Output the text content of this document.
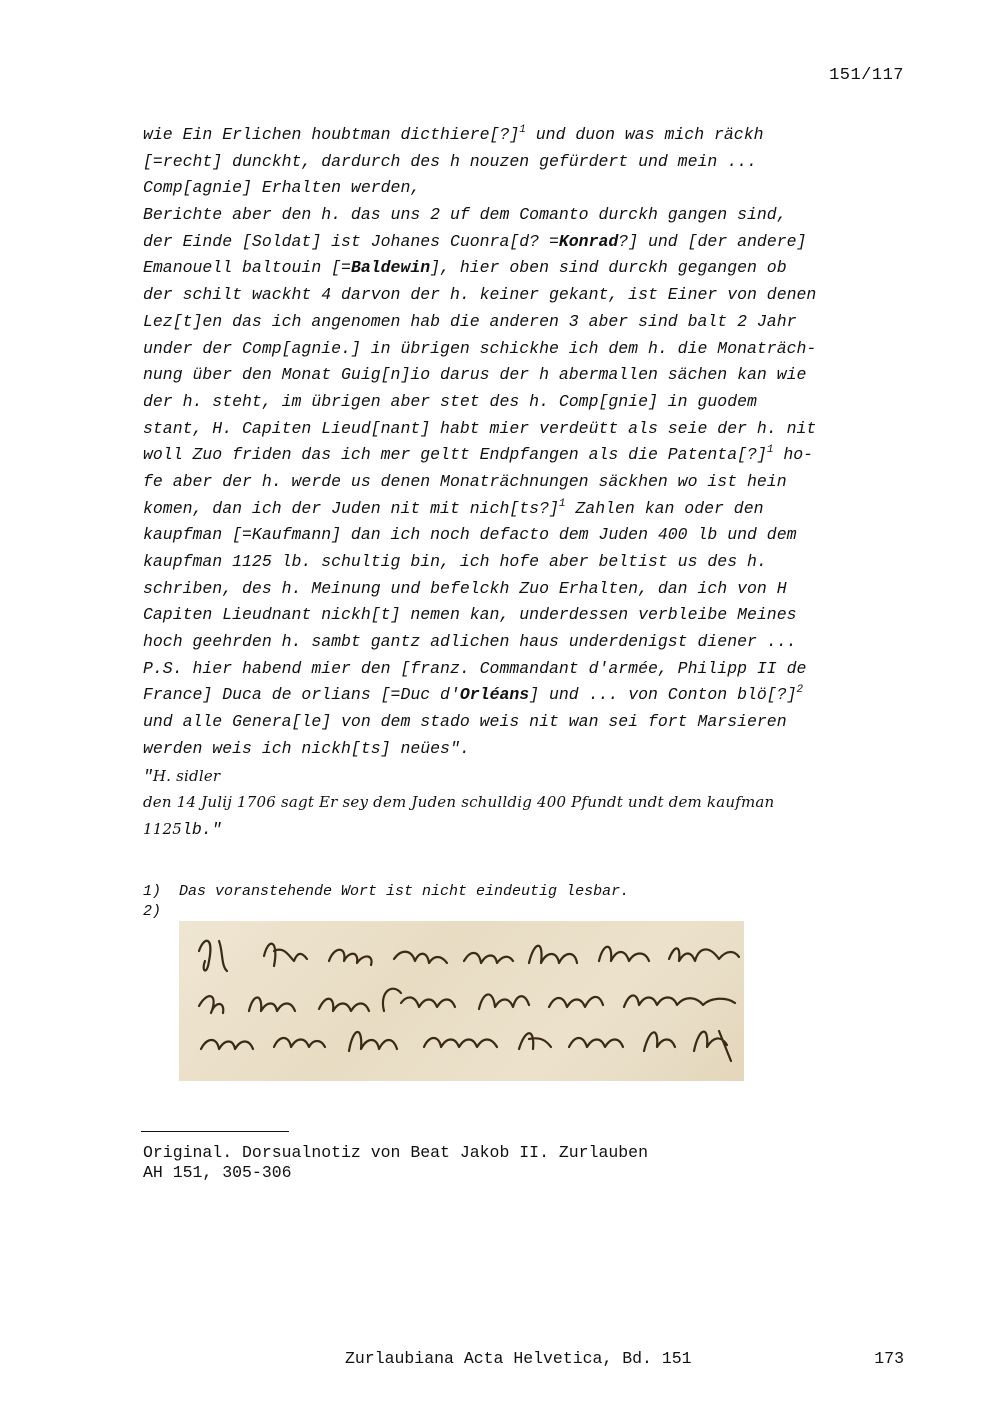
151/117
wie Ein Erlichen houbtman dicthiere[?]$^1$ und duon was mich räckh
[=recht] dunckht, dardurch des h nouzen gefürdert und mein ...
Comp[agnie] Erhalten werden,
Berichte aber den h. das uns 2 uf dem Comanto durckh gangen sind,
der Einde [Soldat] ist Johanes Cuonra[d? =Konrad?] und [der andere]
Emanouell baltouin [=Baldewin], hier oben sind durckh gegangen ob
der schilt wackht 4 darvon der h. keiner gekant, ist Einer von denen
Lez[t]en das ich angenomen hab die anderen 3 aber sind balt 2 Jahr
under der Comp[agnie.] in übrigen schickhe ich dem h. die Monaträch-
nung über den Monat Guig[n]io darus der h abermallen sächen kan wie
der h. steht, im übrigen aber stet des h. Comp[gnie] in guodem
stant, H. Capiten Lieud[nant] habt mier verdeütt als seie der h. nit
woll Zuo friden das ich mer geltt Endpfangen als die Patenta[?]$^1$ ho-
fe aber der h. werde us denen Monaträchnungen säckhen wo ist hein
komen, dan ich der Juden nit mit nich[ts?]$^1$ Zahlen kan oder den
kaupfman [=Kaufmann] dan ich noch defacto dem Juden 400 lb und dem
kaupfman 1125 lb. schultig bin, ich hofe aber beltist us des h.
schriben, des h. Meinung und befelckh Zuo Erhalten, dan ich von H
Capiten Lieudnant nickh[t] nemen kan, underdessen verbleibe Meines
hoch geehrden h. sambt gantz adlichen haus underdenigst diener ...
P.S. hier habend mier den [franz. Commandant d'armée, Philipp II de
France] Duca de orlians [=Duc d'Orléans] und ... von Conton blö[?]$^2$
und alle Genera[le] von dem stado weis nit wan sei fort Marsieren
werden weis ich nickh[ts] neües".
"H. sidler
den 14 Julij 1706 sagt Er sey dem Juden schulldig 400 Pfundt undt dem kaufman
1125lb."
1)	Das voranstehende Wort ist nicht eindeutig lesbar.
2)
Original. Dorsualnotiz von Beat Jakob II. Zurlauben
AH 151, 305-306
Zurlaubiana Acta Helvetica, Bd. 151	173
